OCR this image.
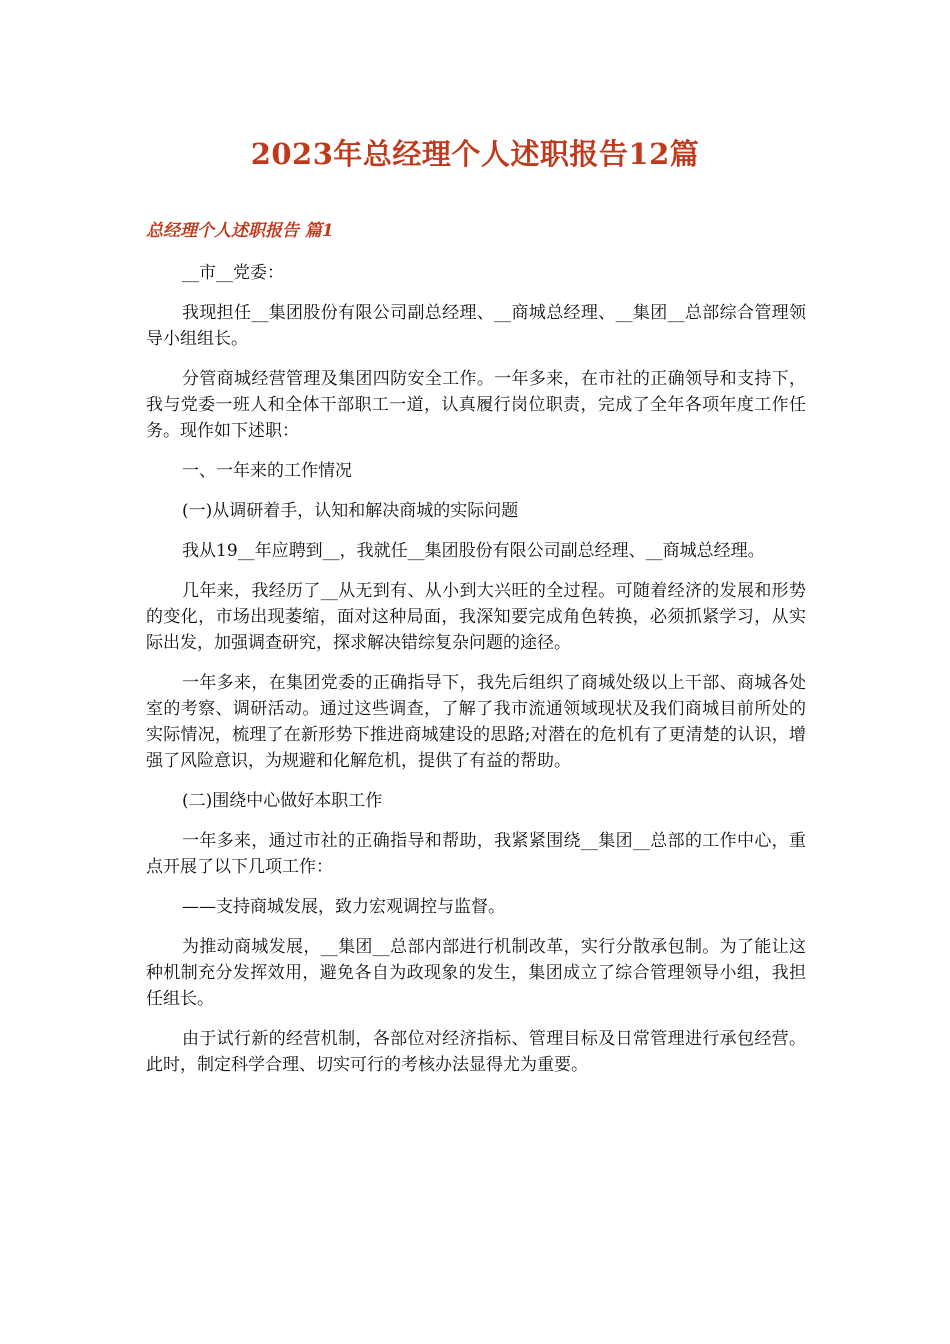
2023年总经理个人述职报告12篇
总经理个人述职报告 篇1

__市__党委：

我现担任__集团股份有限公司副总经理、__商城总经理、__集团__总部综合管理领导小组组长。

分管商城经营管理及集团四防安全工作。一年多来，在市社的正确领导和支持下，我与党委一班人和全体干部职工一道，认真履行岗位职责，完成了全年各项年度工作任务。现作如下述职：

一、一年来的工作情况

(一)从调研着手，认知和解决商城的实际问题

我从19__年应聘到__，我就任__集团股份有限公司副总经理、__商城总经理。

几年来，我经历了__从无到有、从小到大兴旺的全过程。可随着经济的发展和形势的变化，市场出现萎缩，面对这种局面，我深知要完成角色转换，必须抓紧学习，从实际出发，加强调查研究，探求解决错综复杂问题的途径。

一年多来，在集团党委的正确指导下，我先后组织了商城处级以上干部、商城各处室的考察、调研活动。通过这些调查，了解了我市流通领域现状及我们商城目前所处的实际情况，梳理了在新形势下推进商城建设的思路;对潜在的危机有了更清楚的认识，增强了风险意识，为规避和化解危机，提供了有益的帮助。

(二)围绕中心做好本职工作

一年多来，通过市社的正确指导和帮助，我紧紧围绕__集团__总部的工作中心，重点开展了以下几项工作：

——支持商城发展，致力宏观调控与监督。

为推动商城发展，__集团__总部内部进行机制改革，实行分散承包制。为了能让这种机制充分发挥效用，避免各自为政现象的发生，集团成立了综合管理领导小组，我担任组长。

由于试行新的经营机制，各部位对经济指标、管理目标及日常管理进行承包经营。此时，制定科学合理、切实可行的考核办法显得尤为重要。
